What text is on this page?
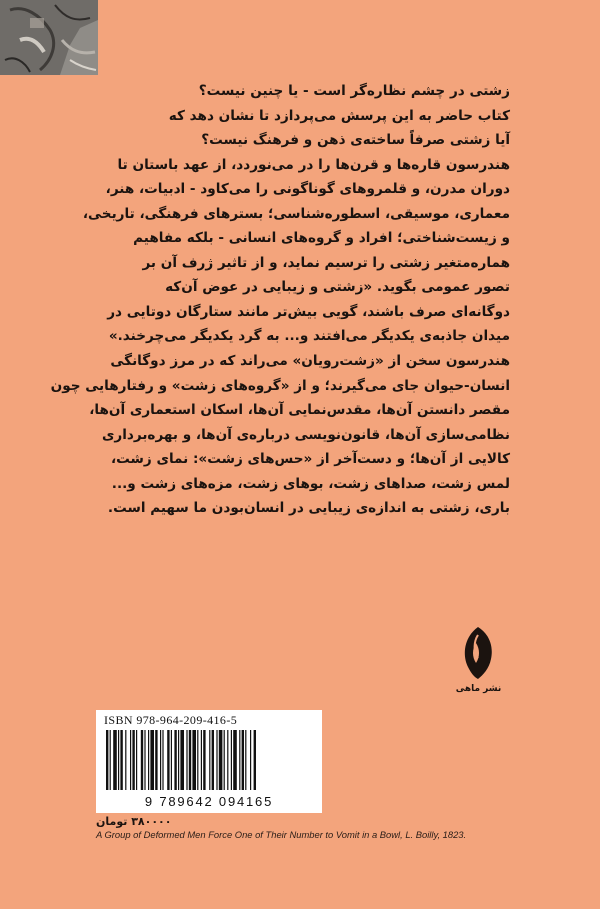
زشتی در چشم نظاره‌گر است - یا چنین نیست؟

کتاب حاضر به این پرسش می‌پردازد تا نشان دهد که

آیا زشتی صرفاً ساخته‌ی ذهن و فرهنگ نیست؟

هندرسون قاره‌ها و قرن‌ها را در می‌نوردد، از عهد باستان تا

دوران مدرن، و قلمروهای گوناگونی را می‌کاود - ادبیات، هنر،

معماری، موسیقی، اسطوره‌شناسی؛ بسترهای فرهنگی، تاریخی،

و زیست‌شناختی؛ افراد و گروه‌های انسانی - بلکه مفاهیم

هماره‌متغیر زشتی را ترسیم نماید، و از تاثیر ژرف آن بر

تصور عمومی بگوید. «زشتی و زیبایی در عوض آن‌که

دوگانه‌ای صرف باشند، گویی بیش‌تر مانند ستارگان دوتایی در

میدان جاذبه‌ی یکدیگر می‌افتند و... به گرد یکدیگر می‌چرخند.»

هندرسون سخن از «زشت‌رویان» می‌راند که در مرز دوگانگی

انسان-حیوان جای می‌گیرند؛ و از «گروه‌های زشت» و رفتارهایی چون

مقصر دانستن آن‌ها، مقدس‌نمایی آن‌ها، اسکان استعماری آن‌ها،

نظامی‌سازی آن‌ها، قانون‌نویسی درباره‌ی آن‌ها، و بهره‌برداری

کالایی از آن‌ها؛ و دست‌آخر از «حس‌های زشت»: نمای زشت،

لمس زشت، صداهای زشت، بوهای زشت، مزه‌های زشت و...

باری، زشتی به اندازه‌ی زیبایی در انسان‌بودن ما سهیم است.

نشر ماهی
ISBN 978-964-209-416-5
9 789642 094165
۳۸۰۰۰۰ تومان
A Group of Deformed Men Force One of Their Number to Vomit in a Bowl, L. Boilly, 1823.
